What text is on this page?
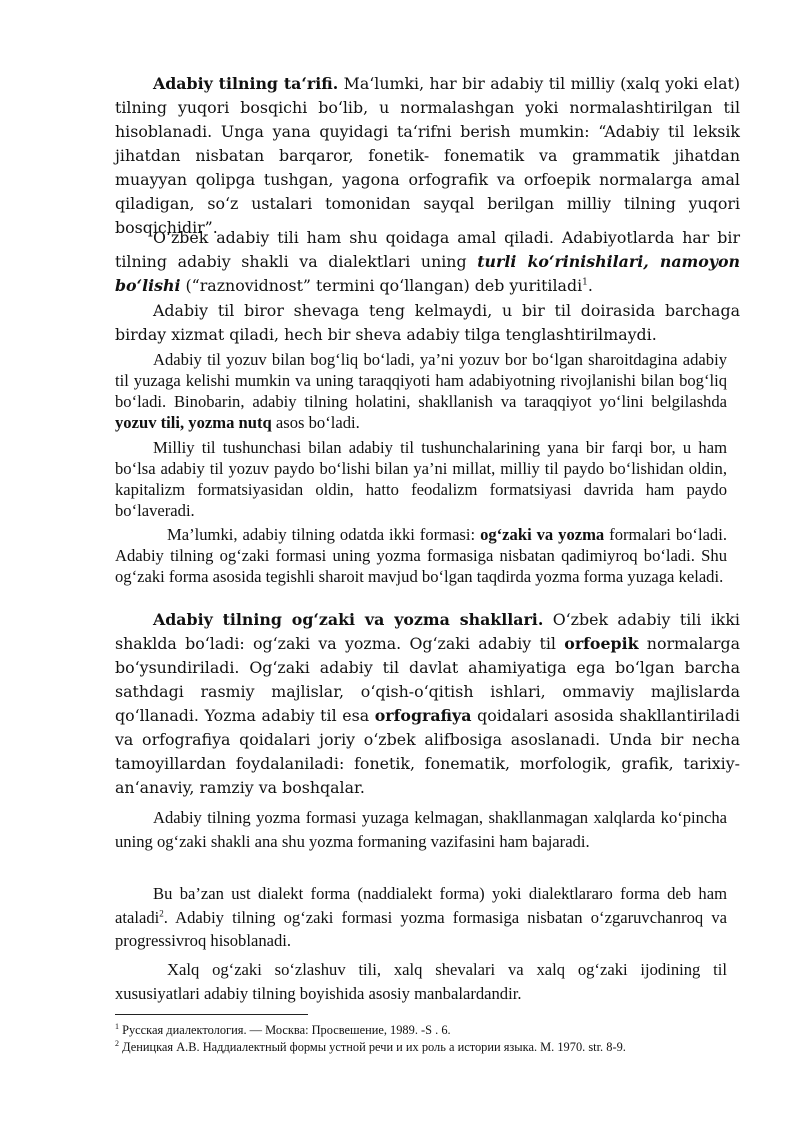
Adabiy tilning ta‘rifi. Ma‘lumki, har bir adabiy til milliy (xalq yoki elat) tilning yuqori bosqichi bo‘lib, u normalashgan yoki normalashtirilgan til hisoblanadi. Unga yana quyidagi ta‘rifni berish mumkin: “Adabiy til leksik jihatdan nisbatan barqaror, fonetik- fonematik va grammatik jihatdan muayyan qolipga tushgan, yagona orfografik va orfoepik normalarga amal qiladigan, so‘z ustalari tomonidan sayqal berilgan milliy tilning yuqori bosqichidir”.

O‘zbek adabiy tili ham shu qoidaga amal qiladi. Adabiyotlarda har bir tilning adabiy shakli va dialektlari uning turli ko‘rinishilari, namoyon bo‘lishi (“raznovidnost” termini qo‘llangan) deb yuritiladi$^1$.

Adabiy til biror shevaga teng kelmaydi, u bir til doirasida barchaga birday xizmat qiladi, hech bir sheva adabiy tilga tenglashtirilmaydi.

Adabiy til yozuv bilan bog‘liq bo‘ladi, ya’ni yozuv bor bo‘lgan sharoitdagina adabiy til yuzaga kelishi mumkin va uning taraqqiyoti ham adabiyotning rivojlanishi bilan bog‘liq bo‘ladi. Binobarin, adabiy tilning holatini, shakllanish va taraqqiyot yo‘lini belgilashda yozuv tili, yozma nutq asos bo‘ladi.

Milliy til tushunchasi bilan adabiy til tushunchalarining yana bir farqi bor, u ham bo‘lsa adabiy til yozuv paydo bo‘lishi bilan ya’ni millat, milliy til paydo bo‘lishidan oldin, kapitalizm formatsiyasidan oldin, hatto feodalizm formatsiyasi davrida ham paydo bo‘laveradi.

Ma’lumki, adabiy tilning odatda ikki formasi: og‘zaki va yozma formalari bo‘ladi. Adabiy tilning og‘zaki formasi uning yozma formasiga nisbatan qadimiyroq bo‘ladi. Shu og‘zaki forma asosida tegishli sharoit mavjud bo‘lgan taqdirda yozma forma yuzaga keladi.

Adabiy tilning og‘zaki va yozma shakllari. O‘zbek adabiy tili ikki shaklda bo‘ladi: og‘zaki va yozma. Og‘zaki adabiy til orfoepik normalarga bo‘ysundiriladi. Og‘zaki adabiy til davlat ahamiyatiga ega bo‘lgan barcha sathdagi rasmiy majlislar, o‘qish-o‘qitish ishlari, ommaviy majlislarda qo‘llanadi. Yozma adabiy til esa orfografiya qoidalari asosida shakllantiriladi va orfografiya qoidalari joriy o‘zbek alifbosiga asoslanadi. Unda bir necha tamoyillardan foydalaniladi: fonetik, fonematik, morfologik, grafik, tarixiy-an‘anaviy, ramziy va boshqalar.

Adabiy tilning yozma formasi yuzaga kelmagan, shakllanmagan xalqlarda ko‘pincha uning og‘zaki shakli ana shu yozma formaning vazifasini ham bajaradi.

Bu ba’zan ust dialekt forma (naddialekt forma) yoki dialektlararo forma deb ham ataladi$^2$. Adabiy tilning og‘zaki formasi yozma formasiga nisbatan o‘zgaruvchanroq va progressivroq hisoblanadi.

Xalq og‘zaki so‘zlashuv tili, xalq shevalari va xalq og‘zaki ijodining til xususiyatlari adabiy tilning boyishida asosiy manbalardandir.

$^1$ Русская диалектология. — Москва: Просвешение, 1989. -S . 6.

$^2$ Деницкая А.В. Наддиалектный формы устной речи и их роль а истории языка. М. 1970. str. 8-9.
